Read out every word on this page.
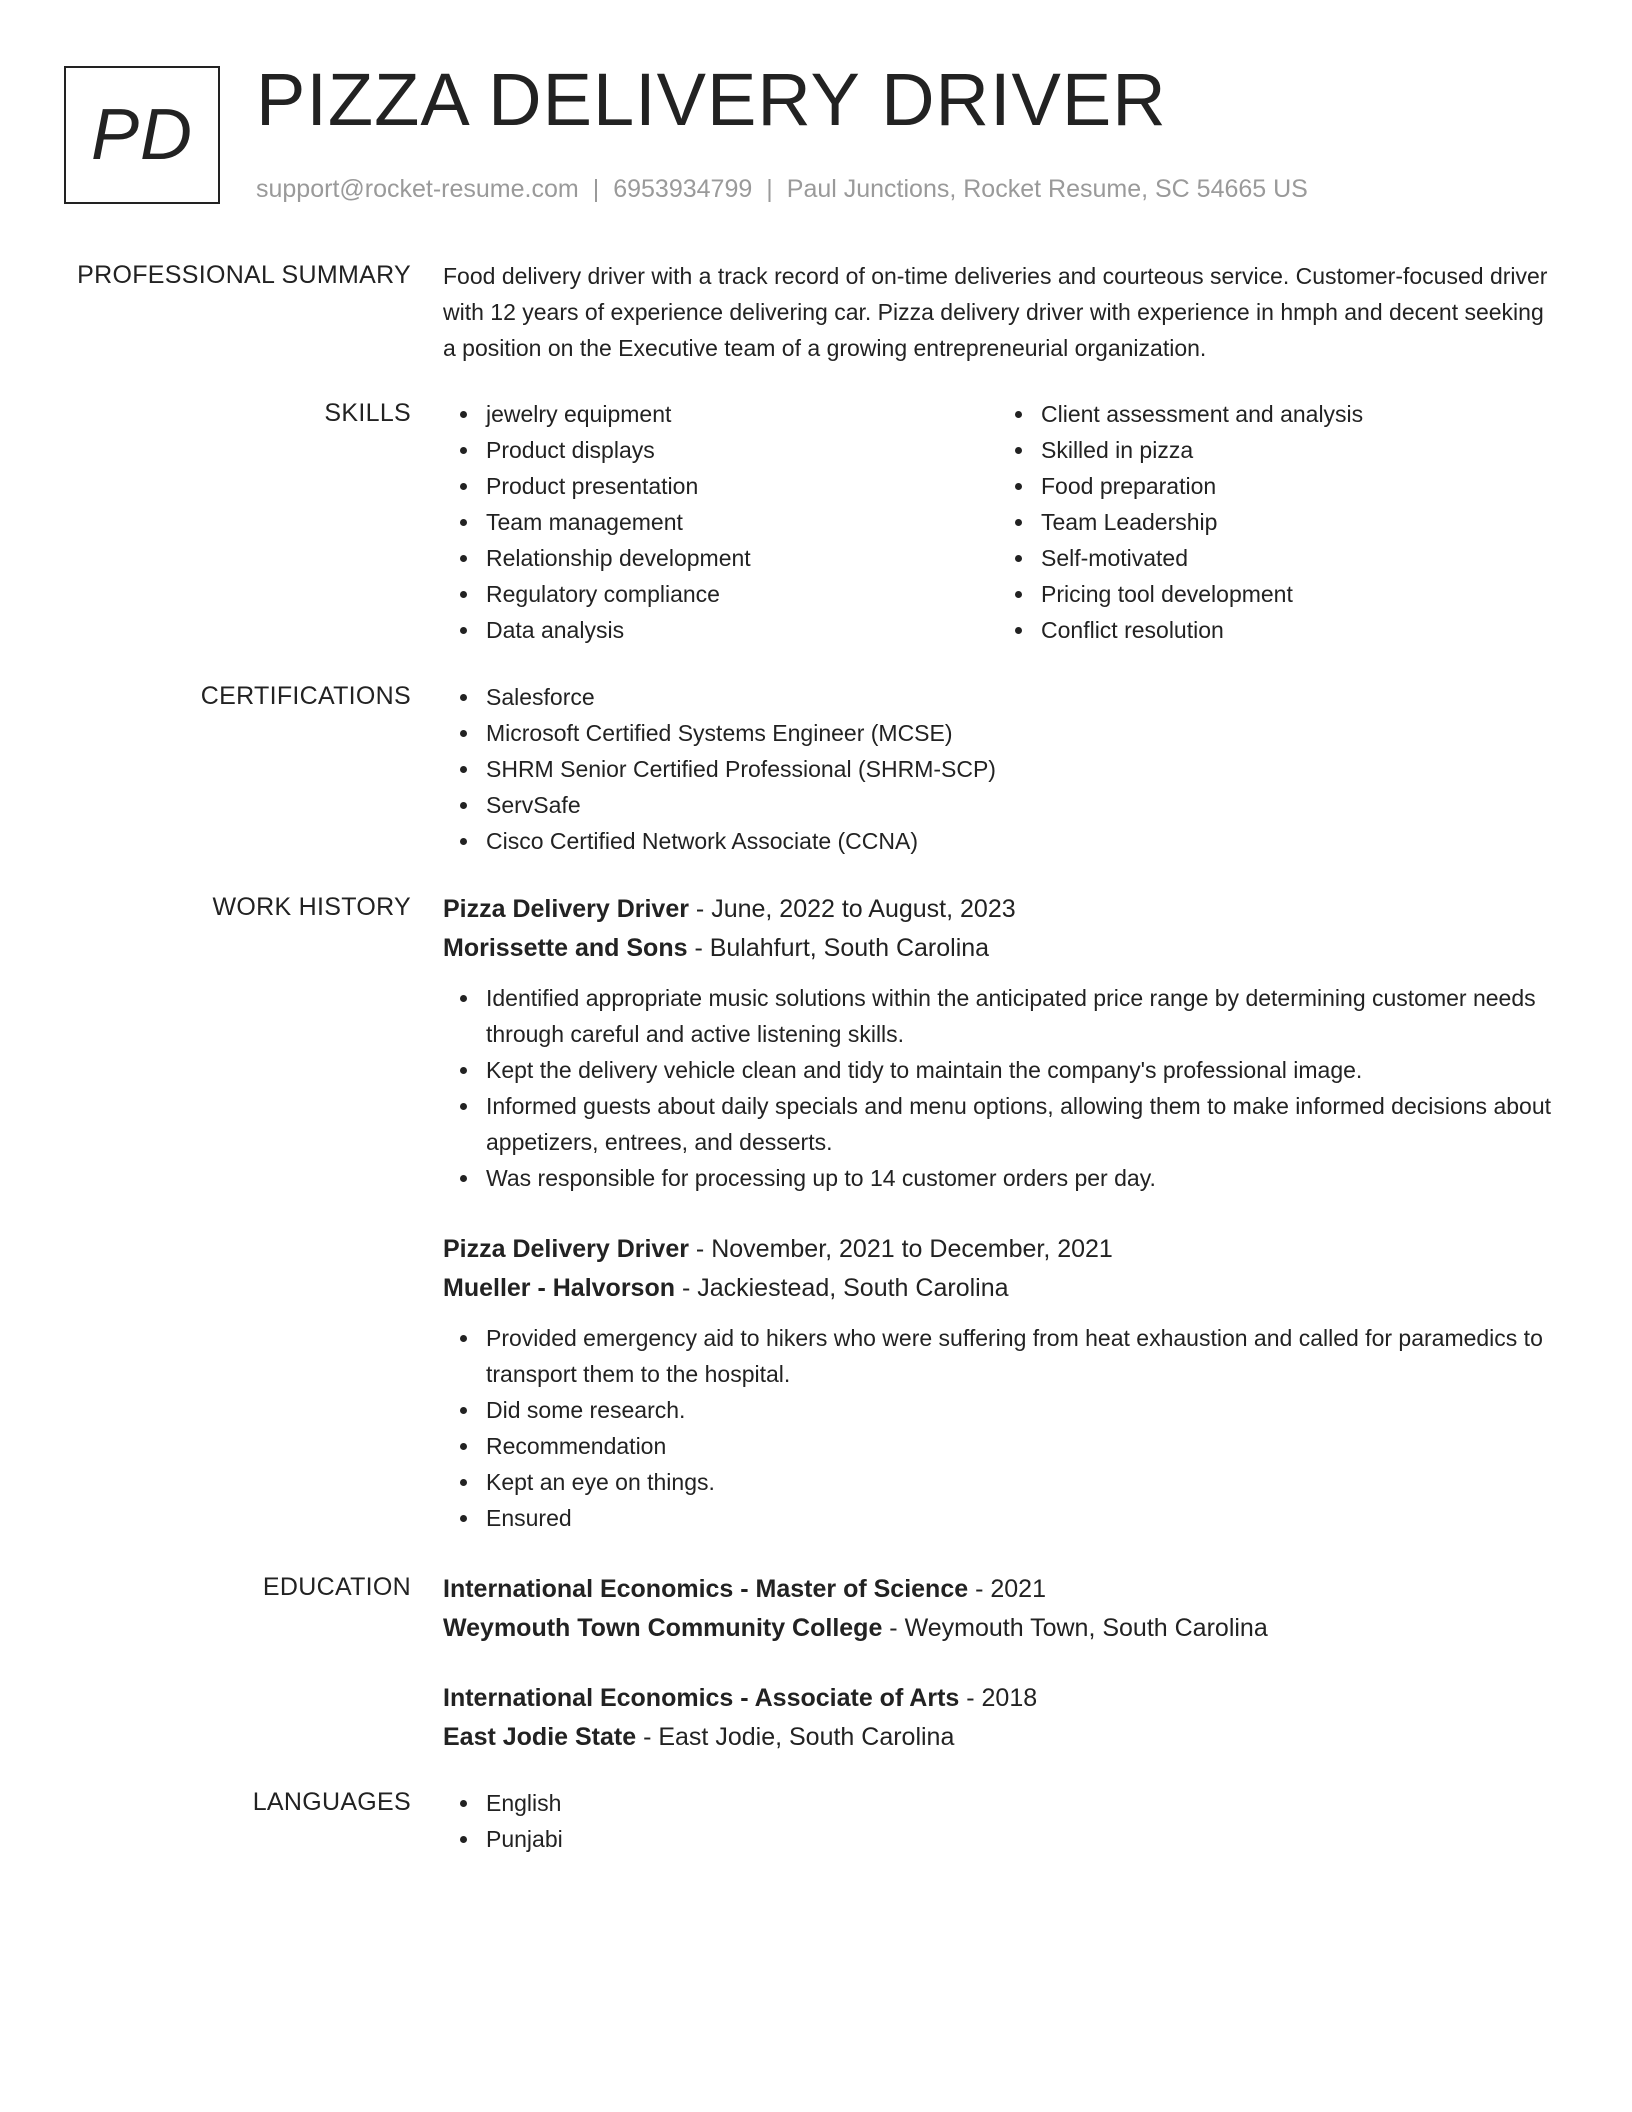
PD PIZZA DELIVERY DRIVER
support@rocket-resume.com | 6953934799 | Paul Junctions, Rocket Resume, SC 54665 US
PROFESSIONAL SUMMARY Food delivery driver with a track record of on-time deliveries and courteous service. Customer-focused driver with 12 years of experience delivering car. Pizza delivery driver with experience in hmph and decent seeking a position on the Executive team of a growing entrepreneurial organization.

SKILLS	jewelry equipment
Product displays
Product presentation
Team management
Relationship development
Regulatory compliance
Data analysis
Client assessment and analysis
Skilled in pizza
Food preparation
Team Leadership
Self-motivated
Pricing tool development
Conflict resolution
CERTIFICATIONS	Salesforce
Microsoft Certified Systems Engineer (MCSE)
SHRM Senior Certified Professional (SHRM-SCP)
ServSafe
Cisco Certified Network Associate (CCNA)
WORK HISTORY Pizza Delivery Driver - June, 2022 to August, 2023
Morissette and Sons - Bulahfurt, South Carolina
Identified appropriate music solutions within the anticipated price range by determining customer needs through careful and active listening skills.
Kept the delivery vehicle clean and tidy to maintain the company's professional image.
Informed guests about daily specials and menu options, allowing them to make informed decisions about appetizers, entrees, and desserts.
Was responsible for processing up to 14 customer orders per day.
Pizza Delivery Driver - November, 2021 to December, 2021
Mueller - Halvorson - Jackiestead, South Carolina
Provided emergency aid to hikers who were suffering from heat exhaustion and called for paramedics to transport them to the hospital.
Did some research.
Recommendation
Kept an eye on things.
Ensured
EDUCATION International Economics - Master of Science - 2021
Weymouth Town Community College - Weymouth Town, South Carolina
International Economics - Associate of Arts - 2018
East Jodie State - East Jodie, South Carolina
LANGUAGES	English
Punjabi
